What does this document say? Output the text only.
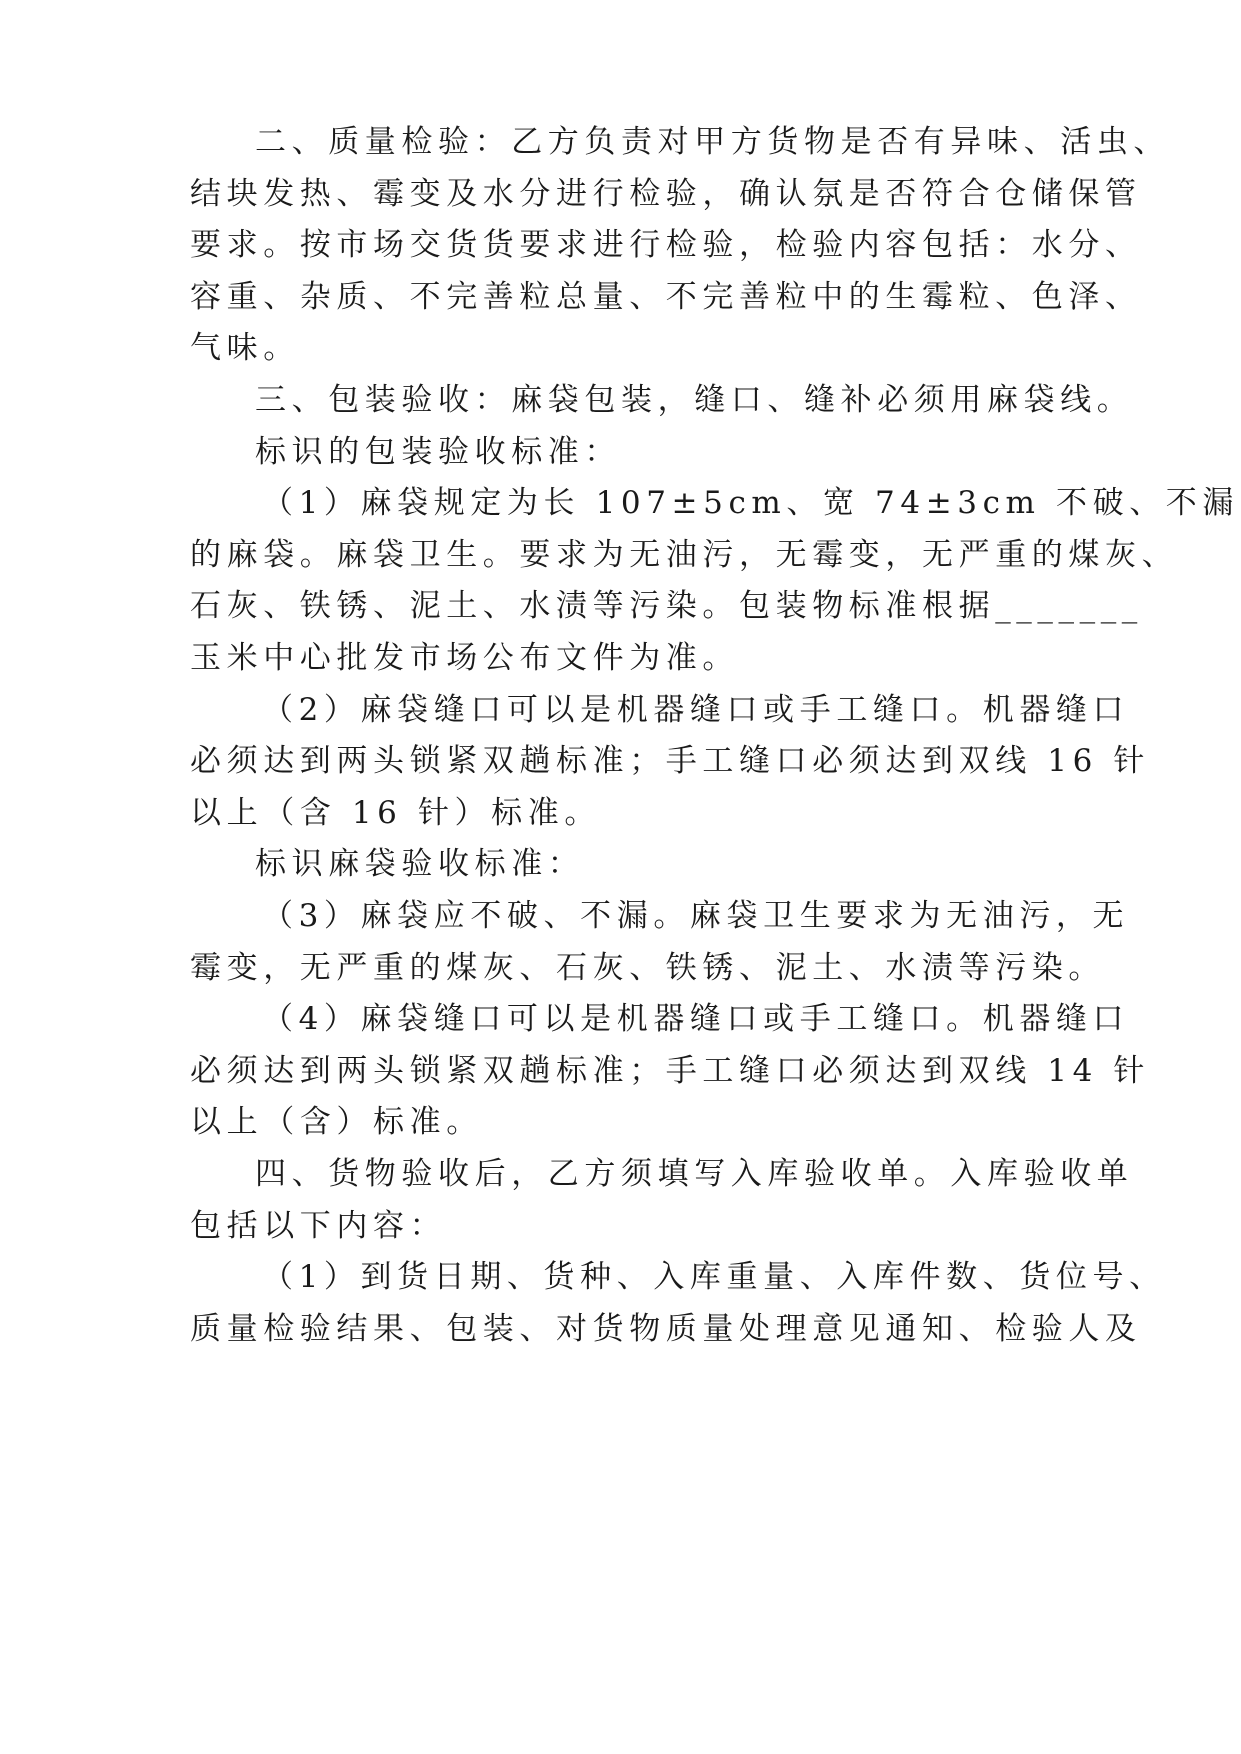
二、质量检验：乙方负责对甲方货物是否有异味、活虫、
结块发热、霉变及水分进行检验，确认氛是否符合仓储保管
要求。按市场交货货要求进行检验，检验内容包括：水分、
容重、杂质、不完善粒总量、不完善粒中的生霉粒、色泽、
气味。
三、包装验收：麻袋包装，缝口、缝补必须用麻袋线。
标识的包装验收标准：
（1）麻袋规定为长 107±5cm、宽 74±3cm 不破、不漏
的麻袋。麻袋卫生。要求为无油污，无霉变，无严重的煤灰、
石灰、铁锈、泥土、水渍等污染。包装物标准根据_______
玉米中心批发市场公布文件为准。
（2）麻袋缝口可以是机器缝口或手工缝口。机器缝口
必须达到两头锁紧双趟标准；手工缝口必须达到双线 16 针
以上（含 16 针）标准。
标识麻袋验收标准：
（3）麻袋应不破、不漏。麻袋卫生要求为无油污，无
霉变，无严重的煤灰、石灰、铁锈、泥土、水渍等污染。
（4）麻袋缝口可以是机器缝口或手工缝口。机器缝口
必须达到两头锁紧双趟标准；手工缝口必须达到双线 14 针
以上（含）标准。
四、货物验收后，乙方须填写入库验收单。入库验收单
包括以下内容：
（1）到货日期、货种、入库重量、入库件数、货位号、
质量检验结果、包装、对货物质量处理意见通知、检验人及
